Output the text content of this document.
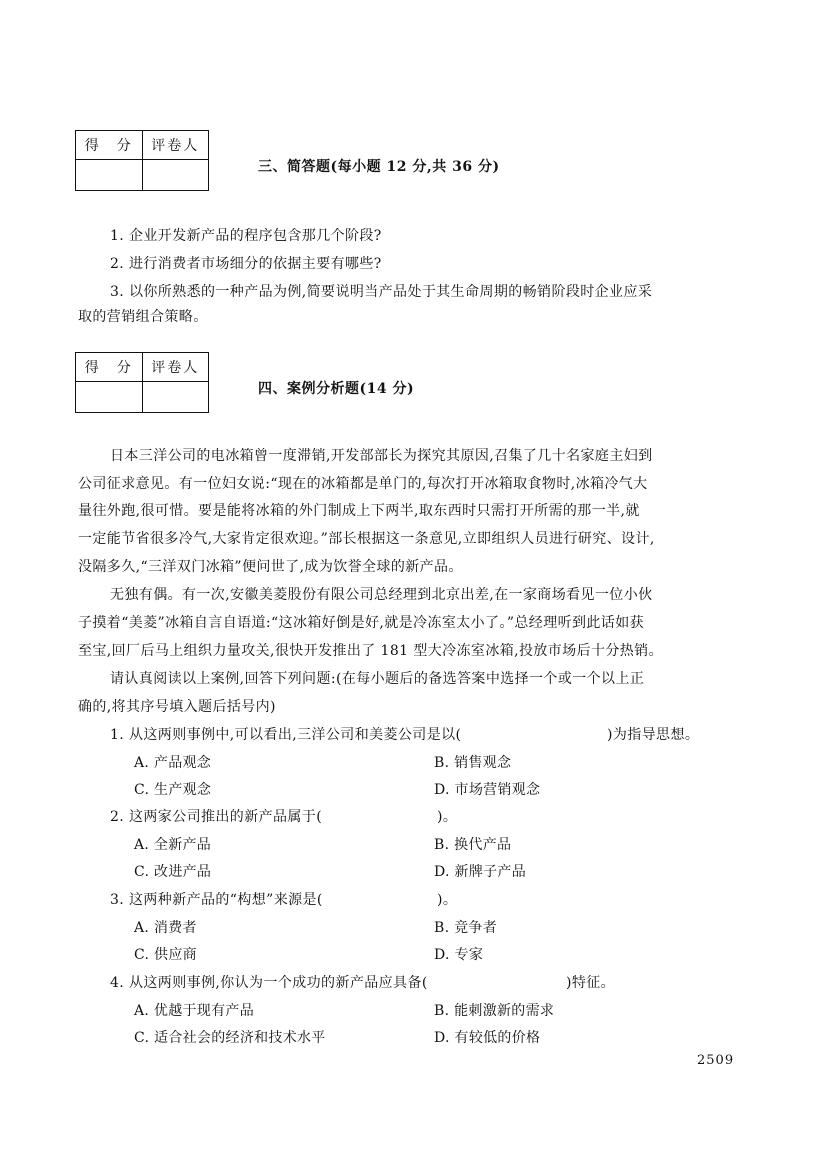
得　分	评卷人

三、简答题(每小题 12 分,共 36 分)
1. 企业开发新产品的程序包含那几个阶段?
2. 进行消费者市场细分的依据主要有哪些?
3. 以你所熟悉的一种产品为例,简要说明当产品处于其生命周期的畅销阶段时企业应采
取的营销组合策略。
得　分	评卷人

四、案例分析题(14 分)
日本三洋公司的电冰箱曾一度滞销,开发部部长为探究其原因,召集了几十名家庭主妇到
公司征求意见。有一位妇女说:“现在的冰箱都是单门的,每次打开冰箱取食物时,冰箱冷气大
量往外跑,很可惜。要是能将冰箱的外门制成上下两半,取东西时只需打开所需的那一半,就
一定能节省很多冷气,大家肯定很欢迎。”部长根据这一条意见,立即组织人员进行研究、设计,
没隔多久,“三洋双门冰箱”便问世了,成为饮誉全球的新产品。
无独有偶。有一次,安徽美菱股份有限公司总经理到北京出差,在一家商场看见一位小伙
子摸着“美菱”冰箱自言自语道:“这冰箱好倒是好,就是冷冻室太小了。”总经理听到此话如获
至宝,回厂后马上组织力量攻关,很快开发推出了 181 型大冷冻室冰箱,投放市场后十分热销。
请认真阅读以上案例,回答下列问题:(在每小题后的备选答案中选择一个或一个以上正
确的,将其序号填入题后括号内)
1. 从这两则事例中,可以看出,三洋公司和美菱公司是以(	)为指导思想。
A. 产品观念	B. 销售观念
C. 生产观念	D. 市场营销观念
2. 这两家公司推出的新产品属于(	)。
A. 全新产品	B. 换代产品
C. 改进产品	D. 新牌子产品
3. 这两种新产品的“构想”来源是(	)。
A. 消费者	B. 竞争者
C. 供应商	D. 专家
4. 从这两则事例,你认为一个成功的新产品应具备(	)特征。
A. 优越于现有产品	B. 能刺激新的需求
C. 适合社会的经济和技术水平	D. 有较低的价格
2509
